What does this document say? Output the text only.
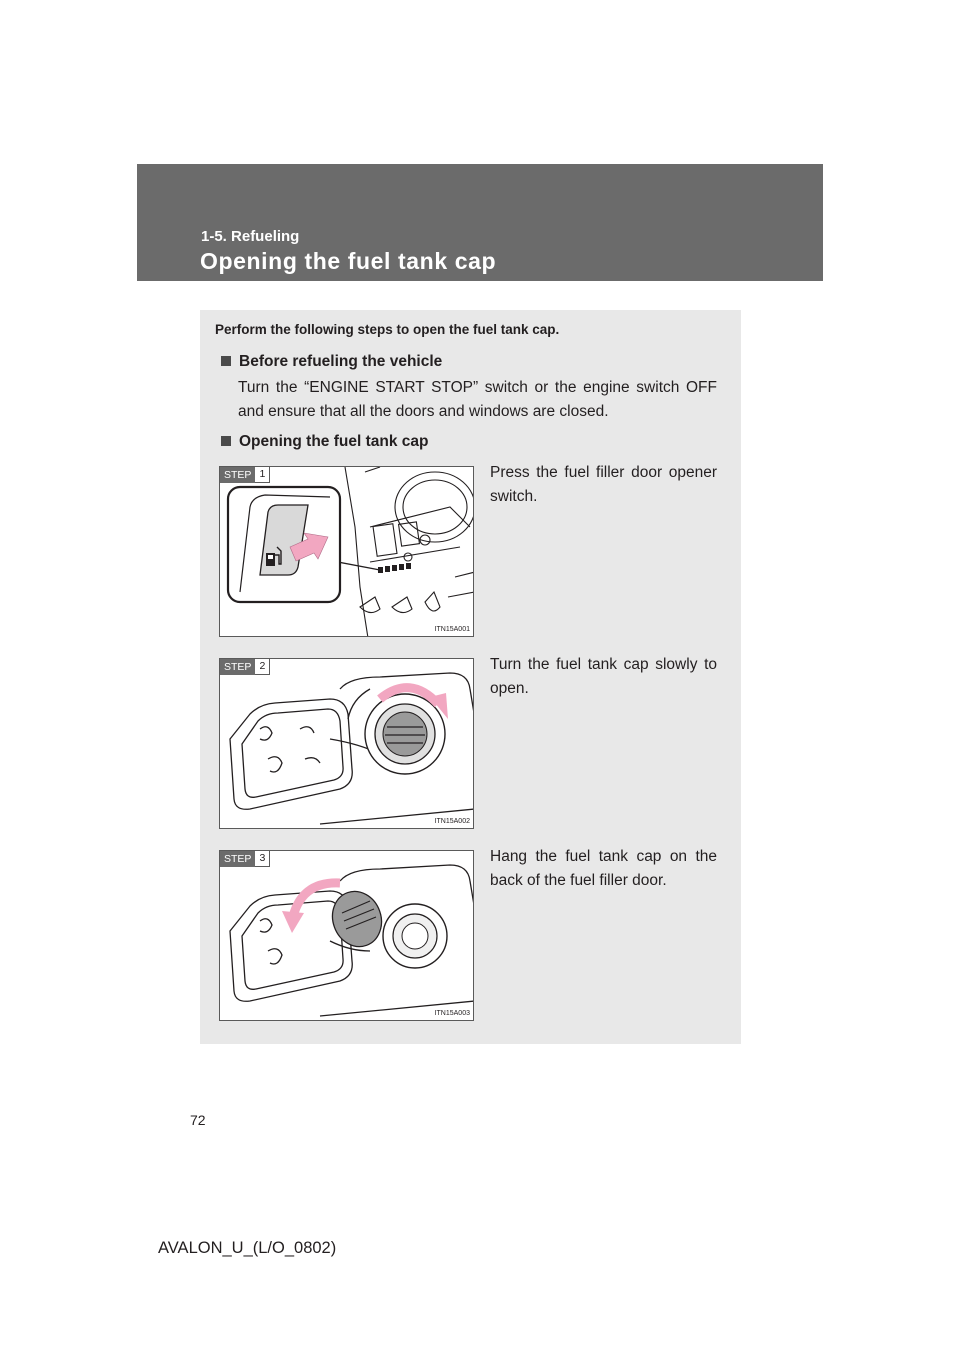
1-5. Refueling
Opening the fuel tank cap
Perform the following steps to open the fuel tank cap.
Before refueling the vehicle
Turn the “ENGINE START STOP” switch or the engine switch OFF and ensure that all the doors and windows are closed.
Opening the fuel tank cap
STEP 1
ITN15A001
Press the fuel filler door opener switch.
STEP 2
ITN15A002
Turn the fuel tank cap slowly to open.
STEP 3
ITN15A003
Hang the fuel tank cap on the back of the fuel filler door.
72
AVALON_U_(L/O_0802)
